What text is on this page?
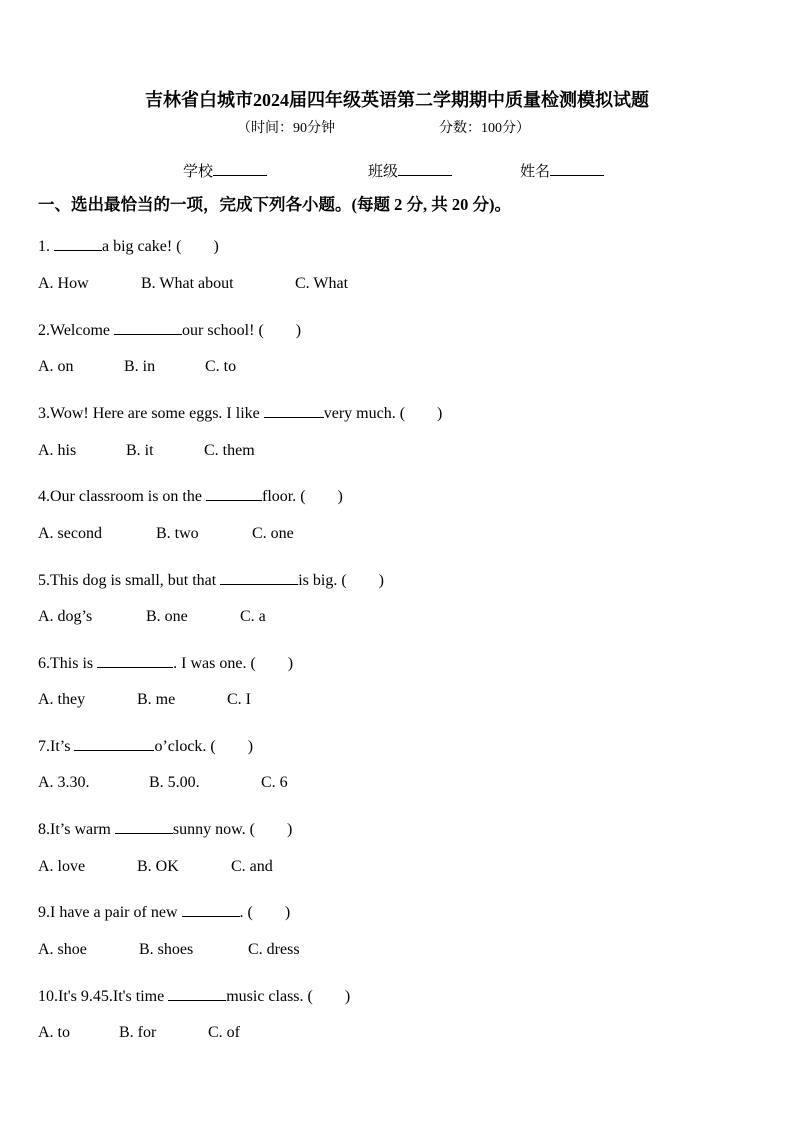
吉林省白城市2024届四年级英语第二学期期中质量检测模拟试题
（时间：90分钟	分数：100分）
学校	班级	姓名
一、选出最恰当的一项，完成下列各小题。(每题 2 分, 共 20 分)。
1.	a big cake! (　　)
A. How	B. What about	C. What
2.Welcome	our school! (　　)
A. on	B. in	C. to
3.Wow! Here are some eggs. I like	very much. (　　)
A. his	B. it	C. them
4.Our classroom is on the	floor. (　　)
A. second	B. two	C. one
5.This dog is small, but that	is big. (　　)
A. dog’s	B. one	C. a
6.This is	. I was one. (　　)
A. they	B. me	C. I
7.It’s	o’clock. (　　)
A. 3.30.	B. 5.00.	C. 6
8.It’s warm	sunny now. (　　)
A. love	B. OK	C. and
9.I have a pair of new	. (　　)
A. shoe	B. shoes	C. dress
10.It's 9.45.It's time	music class. (　　)
A. to	B. for	C. of
